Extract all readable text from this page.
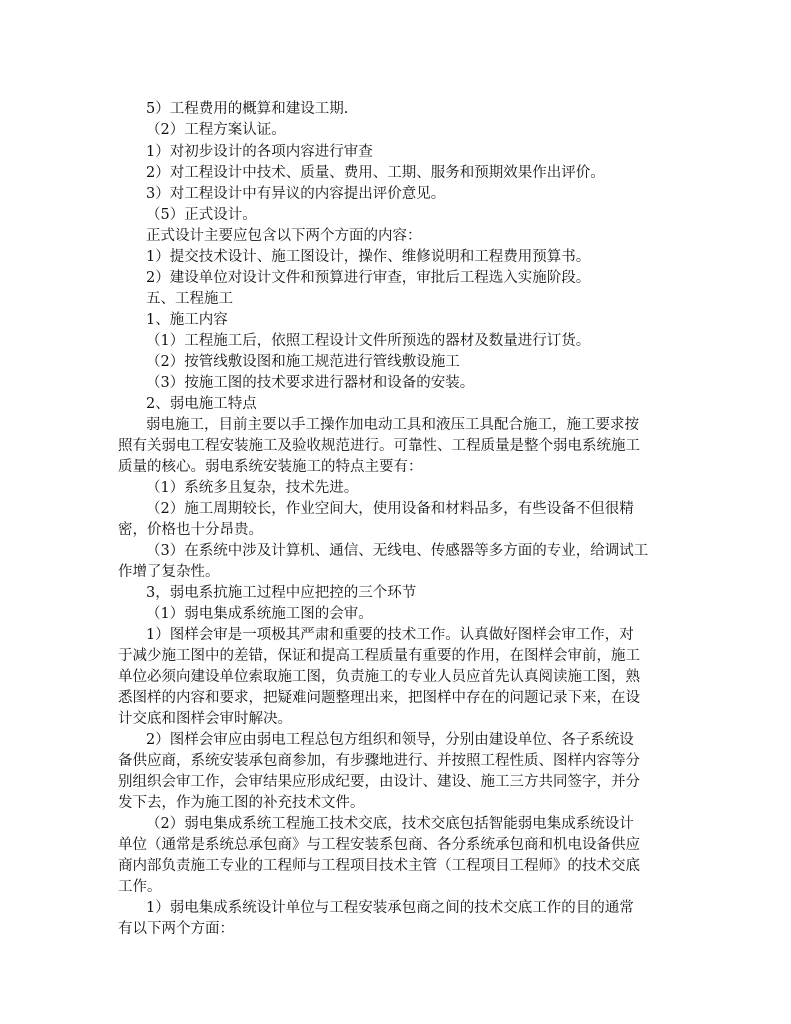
5）工程费用的概算和建设工期.
（2）工程方案认证。
1）对初步设计的各项内容进行审查
2）对工程设计中技术、质量、费用、工期、服务和预期效果作出评价。
3）对工程设计中有异议的内容提出评价意见。
（5）正式设计。
正式设计主要应包含以下两个方面的内容：
1）提交技术设计、施工图设计，操作、维修说明和工程费用预算书。
2）建设单位对设计文件和预算进行审查，审批后工程选入实施阶段。
五、工程施工
1、施工内容
（1）工程施工后，依照工程设计文件所预选的器材及数量进行订货。
（2）按管线敷设图和施工规范进行管线敷设施工
（3）按施工图的技术要求进行器材和设备的安装。
2、弱电施工特点
弱电施工，目前主要以手工操作加电动工具和液压工具配合施工，施工要求按
照有关弱电工程安装施工及验收规范进行。可靠性、工程质量是整个弱电系统施工
质量的核心。弱电系统安装施工的特点主要有：
（1）系统多且复杂，技术先进。
（2）施工周期较长，作业空间大，使用设备和材料品多，有些设备不但很精
密，价格也十分昂贵。
（3）在系统中涉及计算机、通信、无线电、传感器等多方面的专业，给调试工
作增了复杂性。
3，弱电系抗施工过程中应把控的三个环节
（1）弱电集成系统施工图的会审。
1）图样会审是一项极其严肃和重要的技术工作。认真做好图样会审工作，对
于减少施工图中的差错，保证和提高工程质量有重要的作用，在图样会审前，施工
单位必须向建设单位索取施工图，负责施工的专业人员应首先认真阅读施工图，熟
悉图样的内容和要求，把疑难问题整理出来，把图样中存在的问题记录下来，在设
计交底和图样会审时解决。
2）图样会审应由弱电工程总包方组织和领导，分别由建设单位、各子系统设
备供应商，系统安装承包商参加，有步骤地进行、并按照工程性质、图样内容等分
别组织会审工作，会审结果应形成纪要，由设计、建设、施工三方共同签字，并分
发下去，作为施工图的补充技术文件。
（2）弱电集成系统工程施工技术交底，技术交底包括智能弱电集成系统设计
单位（通常是系统总承包商》与工程安装系包商、各分系统承包商和机电设备供应
商内部负责施工专业的工程师与工程项目技术主管（工程项目工程师》的技术交底
工作。
1）弱电集成系统设计单位与工程安装承包商之间的技术交底工作的目的通常
有以下两个方面：
